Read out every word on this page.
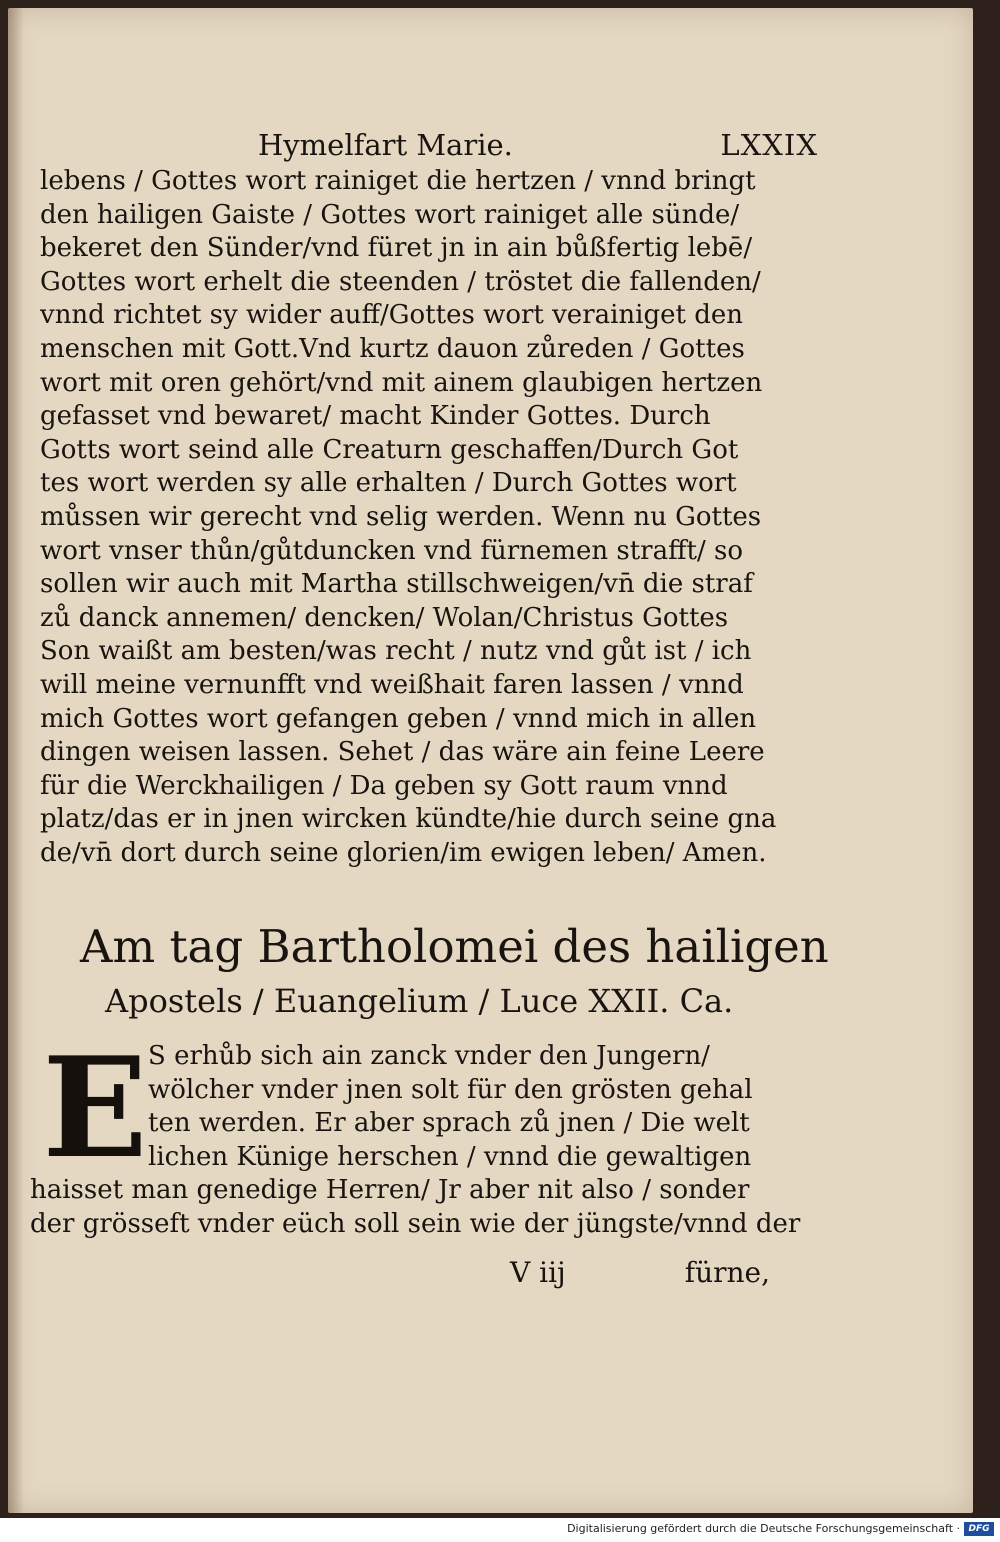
Hymelfart Marie.	LXXIX
lebens / Gottes wort rainiget die hertzen / vnnd bringt
den hailigen Gaiste / Gottes wort rainiget alle sünde/
bekeret den Sünder/vnd füret jn in ain bůßfertig lebē/
Gottes wort erhelt die steenden / tröstet die fallenden/
vnnd richtet sy wider auff/Gottes wort verainiget den
menschen mit Gott.Vnd kurtz dauon zůreden / Gottes
wort mit oren gehört/vnd mit ainem glaubigen hertzen
gefasset vnd bewaret/ macht Kinder Gottes. Durch
Gotts wort seind alle Creaturn geschaffen/Durch Got
tes wort werden sy alle erhalten / Durch Gottes wort
můssen wir gerecht vnd selig werden. Wenn nu Gottes
wort vnser thůn/gůtduncken vnd fürnemen strafft/ so
sollen wir auch mit Martha stillschweigen/vn̄ die straf
zů danck annemen/ dencken/ Wolan/Christus Gottes
Son waißt am besten/was recht / nutz vnd gůt ist / ich
will meine vernunfft vnd weißhait faren lassen / vnnd
mich Gottes wort gefangen geben / vnnd mich in allen
dingen weisen lassen. Sehet / das wäre ain feine Leere
für die Werckhailigen / Da geben sy Gott raum vnnd
platz/das er in jnen wircken kündte/hie durch seine gna
de/vn̄ dort durch seine glorien/im ewigen leben/ Amen.
Am tag Bartholomei des hailigen
Apostels / Euangelium / Luce XXII. Ca.
E S erhůb sich ain zanck vnder den Jungern/
wölcher vnder jnen solt für den grösten gehal
ten werden. Er aber sprach zů jnen / Die welt
lichen Künige herschen / vnnd die gewaltigen
haisset man genedige Herren/ Jr aber nit also / sonder
der grösseft vnder eüch soll sein wie der jüngste/vnnd der
V iij	fürne,
Digitalisierung gefördert durch die Deutsche Forschungsgemeinschaft · DFG
